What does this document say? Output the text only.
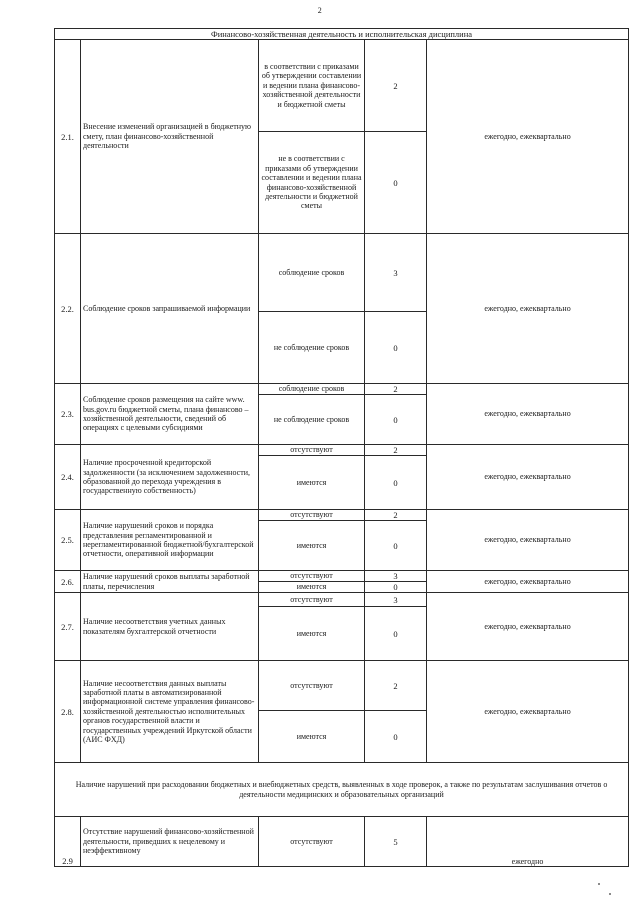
2
Финансово-хозяйственная деятельность и исполнительская дисциплина				
2.1.	Внесение изменений организацией в бюджетную смету, план финансово-хозяйственной деятельности	в соответствии с приказами об утверждении составлении и ведении плана финансово-хозяйственной деятельности и бюджетной сметы	2	ежегодно, ежеквартально
		не в соответствии с приказами об утверждении составлении и ведении плана финансово-хозяйственной деятельности и бюджетной сметы	0	
2.2.	Соблюдение сроков запрашиваемой информации	соблюдение сроков	3	ежегодно, ежеквартально
		не соблюдение сроков	0	
2.3.	Соблюдение сроков размещения на сайте www. bus.gov.ru бюджетной сметы, плана финансово – хозяйственной деятельности, сведений об операциях с целевыми субсидиями	соблюдение сроков	2	ежегодно, ежеквартально
		не соблюдение сроков	0	
2.4.	Наличие просроченной кредиторской задолженности (за исключением задолженности, образованной до перехода учреждения в государственную собственность)	отсутствуют	2	ежегодно, ежеквартально
		имеются	0	
2.5.	Наличие нарушений сроков и порядка представления регламентированной и нерегламентированной бюджетной/бухгалтерской отчетности, оперативной информации	отсутствуют	2	ежегодно, ежеквартально
		имеются	0	
2.6.	Наличие нарушений сроков выплаты заработной платы, перечисления	отсутствуют	3	ежегодно, ежеквартально
		имеются	0	
2.7.	Наличие несоответствия учетных данных показателям бухгалтерской отчетности	отсутствуют	3	ежегодно, ежеквартально
		имеются	0	
2.8.	Наличие несоответствия данных выплаты заработной платы в автоматизированной информационной системе управления финансово-хозяйственной деятельностью исполнительных органов государственной власти и государственных учреждений Иркутской области (АИС ФХД)	отсутствуют	2	ежегодно, ежеквартально
		имеются	0	
Наличие нарушений при расходовании бюджетных и внебюджетных средств, выявленных в ходе проверок, а также по результатам заслушивания отчетов о деятельности медицинских и образовательных организаций				
2.9	Отсутствие нарушений финансово-хозяйственной деятельности, приведших к нецелевому и неэффективному	отсутствуют	5	ежегодно
